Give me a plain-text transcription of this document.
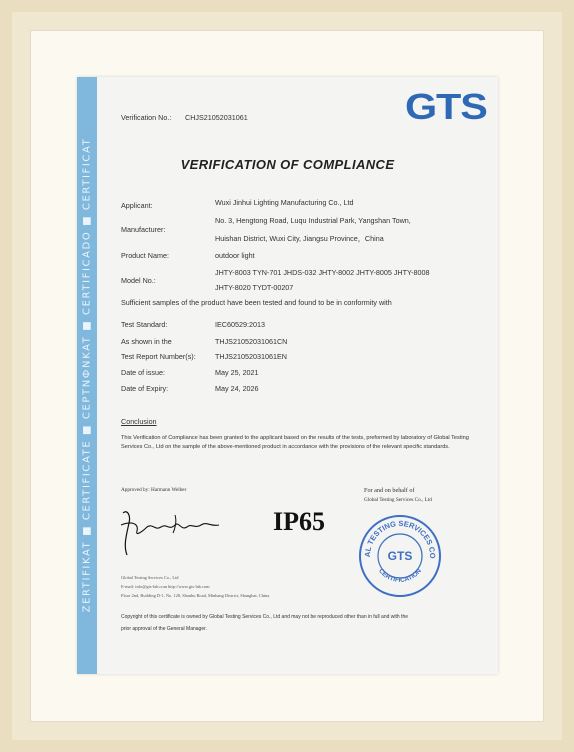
ZERTIFIKAT ■ CERTIFICATE ■ CEPTNФNKAT ■ CERTIFICADO ■ CERTIFICAT
Verification No.: CHJS21052031061	GTS
VERIFICATION OF COMPLIANCE
Applicant:	Wuxi Jinhui Lighting Manufacturing Co., Ltd
Manufacturer:
No. 3, Hengtong Road, Luqu Industrial Park, Yangshan Town,
Huishan District, Wuxi City, Jiangsu Province，China
Product Name:	outdoor light
Model No.:
JHTY-8003 TYN-701 JHDS-032 JHTY-8002 JHTY-8005 JHTY-8008
JHTY-8020 TYDT-00207
Sufficient samples of the product have been tested and found to be in conformity with
Test Standard:	IEC60529:2013
As shown in the	THJS21052031061CN
Test Report Number(s):	THJS21052031061EN
Date of issue:	May 25, 2021
Date of Expiry:	May 24, 2026
Conclusion
This Verification of Compliance has been granted to the applicant based on the results of the tests, preformed by laboratory of Global Testing Services Co., Ltd on the sample of the above-mentioned product in accordance with the provisions of the relevant specific standards.
Approved by: Harmann Welber	For and on behalf of
Global Testing Services Co., Ltd
IP65
AL TESTING SERVICES CO
CERTIFICATION
GTS
Global Testing Services Co., Ltd
E-mail: info@gts-lab.com http://www.gts-lab.com
Floor 2nd, Building D-1, No. 128, Shanhu Road, Minhang District, Shanghai, China
Copyright of this certificate is owned by Global Testing Services Co., Ltd and may not be reproduced other than in full and with the
prior approval of the General Manager.
